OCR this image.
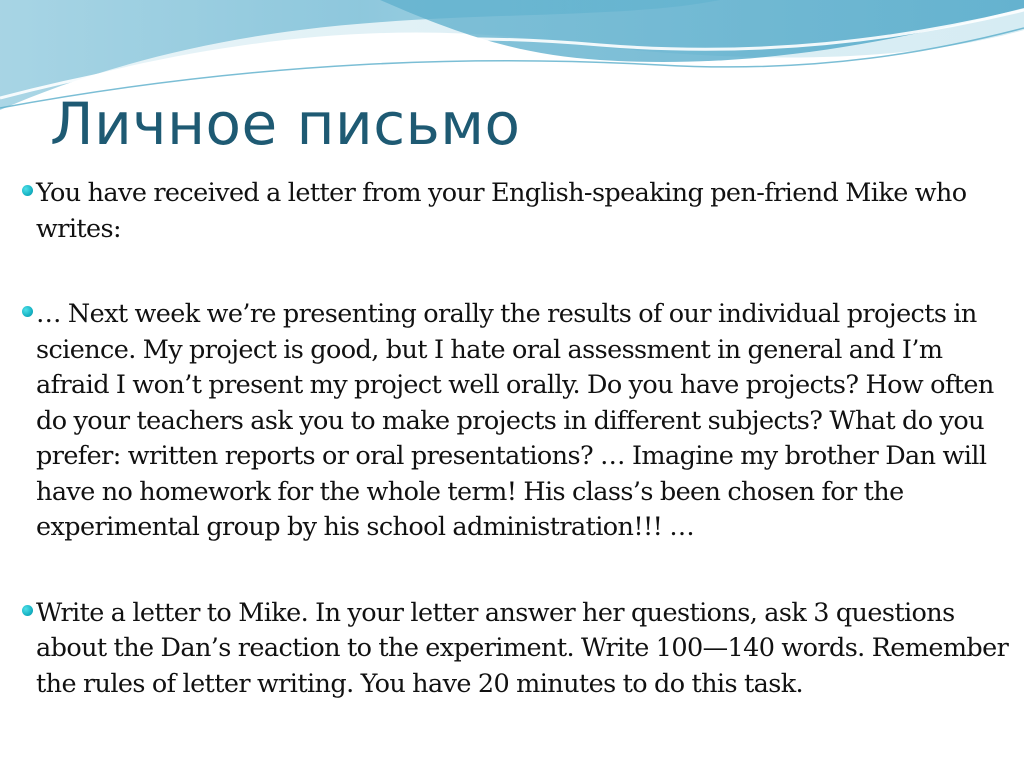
Личное письмо
You have received a letter from your English-speaking pen-friend Mike who writes:
… Next week we’re presenting orally the results of our individual projects in science. My project is good, but I hate oral assessment in general and I’m afraid I won’t present my project well orally. Do you have projects? How often do your teachers ask you to make projects in different subjects? What do you prefer: written reports or oral presentations? … Imagine my brother Dan will have no homework for the whole term! His class’s been chosen for the experimental group by his school administration!!! …
Write a letter to Mike. In your letter answer her questions, ask 3 questions about the Dan’s reaction to the experiment. Write 100—140 words. Remember the rules of letter writing. You have 20 minutes to do this task.
